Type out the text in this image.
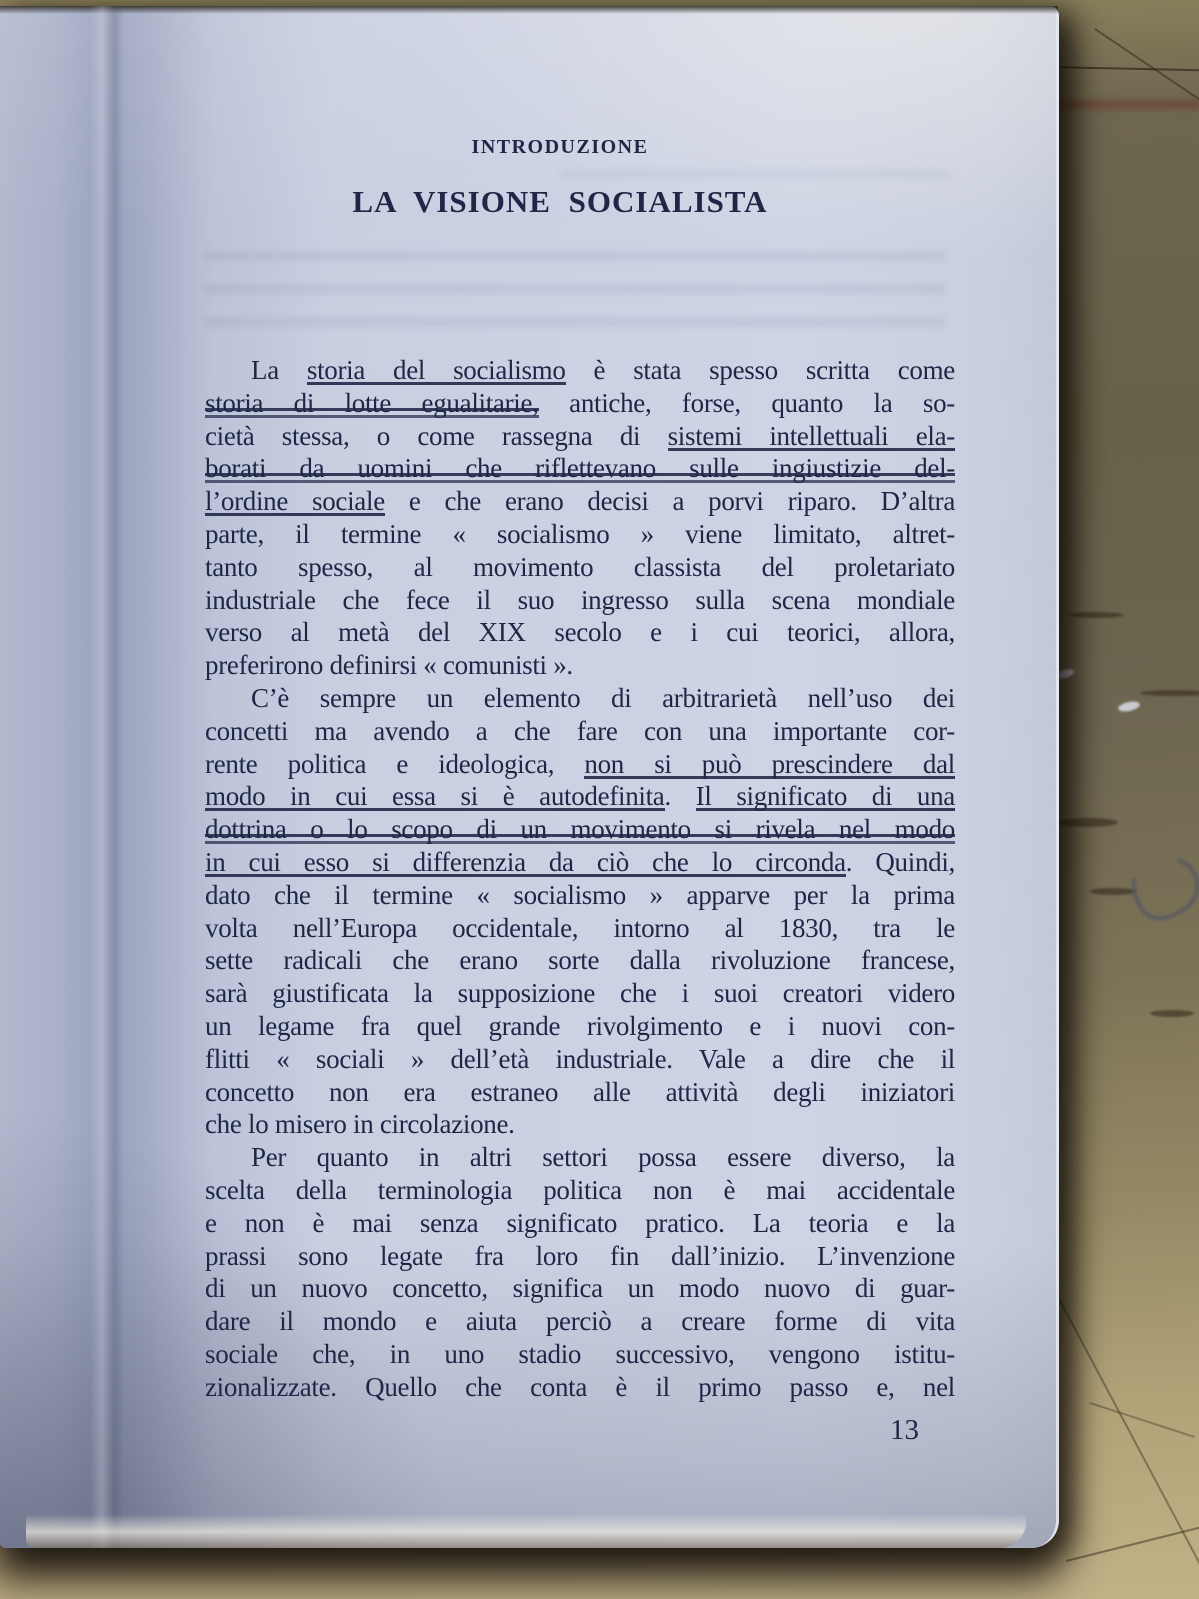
INTRODUZIONE
LA VISIONE SOCIALISTA
La storia del socialismo è stata spesso scritta come
storia di lotte egualitarie, antiche, forse, quanto la so-
cietà stessa, o come rassegna di sistemi intellettuali ela-
borati da uomini che riflettevano sulle ingiustizie del-
l’ordine sociale e che erano decisi a porvi riparo. D’altra
parte, il termine « socialismo » viene limitato, altret-
tanto spesso, al movimento classista del proletariato
industriale che fece il suo ingresso sulla scena mondiale
verso al metà del XIX secolo e i cui teorici, allora,
preferirono definirsi « comunisti ».
C’è sempre un elemento di arbitrarietà nell’uso dei
concetti ma avendo a che fare con una importante cor-
rente politica e ideologica, non si può prescindere dal
modo in cui essa si è autodefinita. Il significato di una
dottrina o lo scopo di un movimento si rivela nel modo
in cui esso si differenzia da ciò che lo circonda. Quindi,
dato che il termine « socialismo » apparve per la prima
volta nell’Europa occidentale, intorno al 1830, tra le
sette radicali che erano sorte dalla rivoluzione francese,
sarà giustificata la supposizione che i suoi creatori videro
un legame fra quel grande rivolgimento e i nuovi con-
flitti « sociali » dell’età industriale. Vale a dire che il
concetto non era estraneo alle attività degli iniziatori
che lo misero in circolazione.
Per quanto in altri settori possa essere diverso, la
scelta della terminologia politica non è mai accidentale
e non è mai senza significato pratico. La teoria e la
prassi sono legate fra loro fin dall’inizio. L’invenzione
di un nuovo concetto, significa un modo nuovo di guar-
dare il mondo e aiuta perciò a creare forme di vita
sociale che, in uno stadio successivo, vengono istitu-
zionalizzate. Quello che conta è il primo passo e, nel
13
